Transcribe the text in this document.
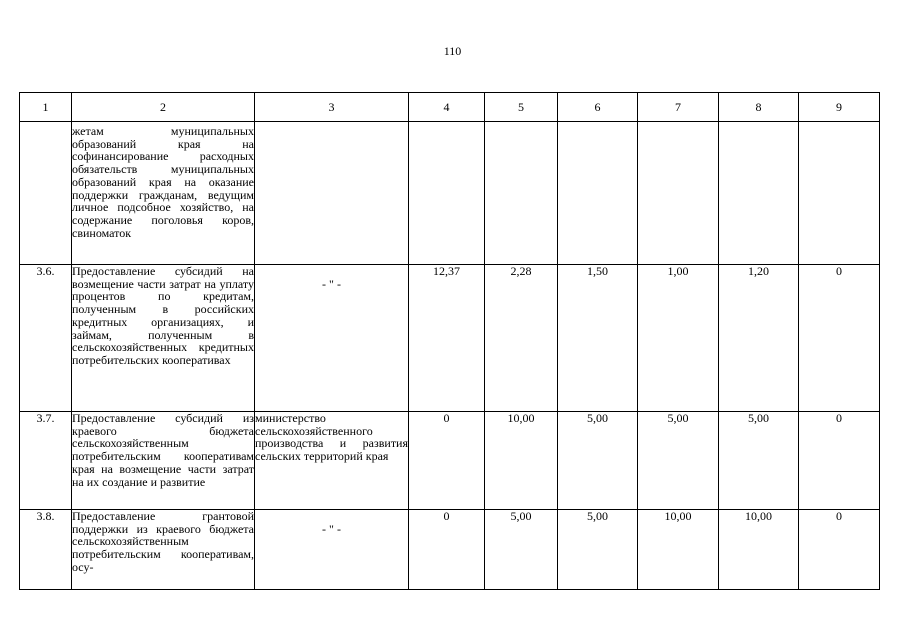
110
1	2	3	4	5	6	7	8	9
	жетам муниципальных образований края на софинансирование расходных обязательств муниципальных образований края на оказание поддержки гражданам, ведущим личное подсобное хозяйство, на содержание поголовья коров, свиноматок							
3.6.	Предоставление субсидий на возмещение части затрат на уплату процентов по кредитам, полученным в российских кредитных организациях, и займам, полученным в сельскохозяйственных кредитных потребительских кооперативах	- " -	12,37	2,28	1,50	1,00	1,20	0
3.7.	Предоставление субсидий из краевого бюджета сельскохозяйственным потребительским кооперативам края на возмещение части затрат на их создание и развитие	министерство сельскохозяйственного производства и развития сельских территорий края	0	10,00	5,00	5,00	5,00	0
3.8.	Предоставление грантовой поддержки из краевого бюджета сельскохозяйственным потребительским кооперативам, осу-	- " -	0	5,00	5,00	10,00	10,00	0
